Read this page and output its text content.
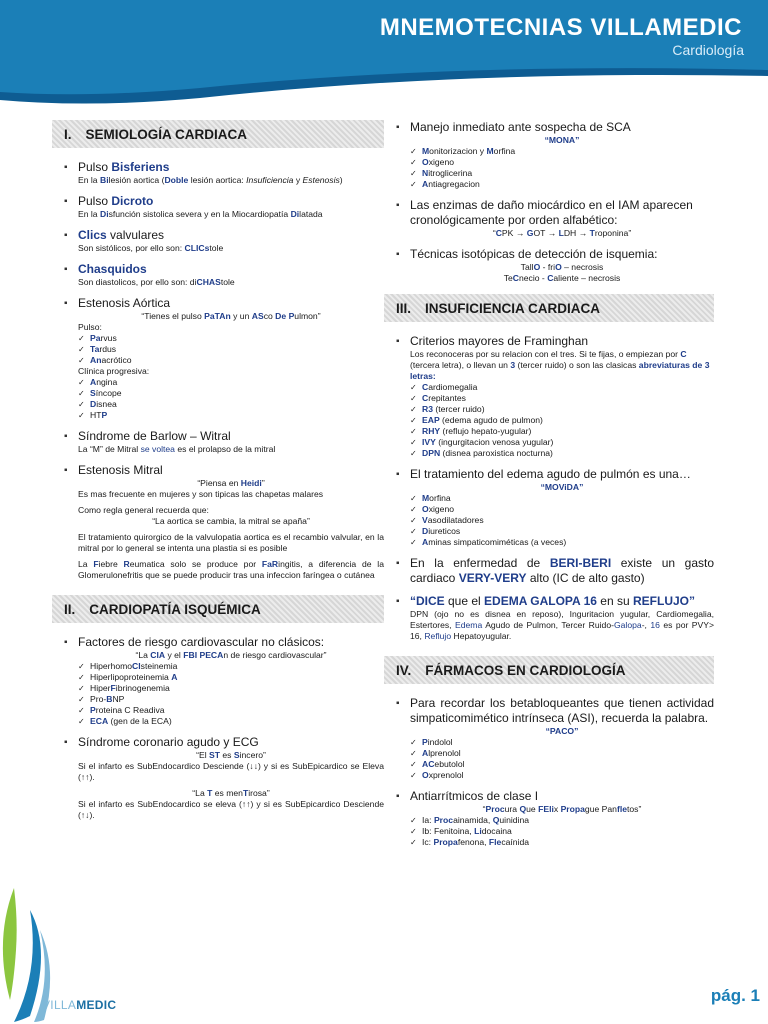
MNEMOTECNIAS VILLAMEDIC
Cardiología
I. SEMIOLOGÍA CARDIACA
▪ Pulso Bisferiens
En la Bilesión aortica (Doble lesión aortica: Insuficiencia y Estenosis)
▪ Pulso Dicroto
En la Disfunción sistolica severa y en la Miocardiopatía Dilatada
▪ Clics valvulares
Son sistólicos, por ello son: CLICstole
▪ Chasquidos
Son diastolicos, por ello son: diCHAStole
▪ Estenosis Aórtica
“Tienes el pulso PaTAn y un ASco De Pulmon”
Pulso:
✓ Parvus
✓ Tardus
✓ Anacrótico
Clínica progresiva:
✓ Angina
✓ Síncope
✓ Disnea
✓ HTP
▪ Síndrome de Barlow – Witral
La “M” de Mitral se voltea es el prolapso de la mitral
▪ Estenosis Mitral
“Piensa en Heidi”
Es mas frecuente en mujeres y son tipicas las chapetas malares
Como regla general recuerda que:
“La aortica se cambia, la mitral se apaña”
El tratamiento quirorgico de la valvulopatia aortica es el recambio valvular, en la mitral por lo general se intenta una plastia si es posible
La Fiebre Reumatica solo se produce por FaRingitis, a diferencia de la Glomerulonefritis que se puede producir tras una infeccion faríngea o cutánea
II. CARDIOPATÍA ISQUÉMICA
▪ Factores de riesgo cardiovascular no clásicos:
“La CIA y el FBI PECAn de riesgo cardiovascular”
✓ HiperhomoCIsteinemia
✓ Hiperlipoproteinemia A
✓ HiperFibrinogenemia
✓ Pro-BNP
✓ Proteina C Readiva
✓ ECA (gen de la ECA)
▪ Síndrome coronario agudo y ECG
“El ST es Sincero”
Si el infarto es SubEndocardico Desciende (↓↓) y si es SubEpicardico se Eleva (↑↑).
“La T es menTirosa”
Si el infarto es SubEndocardico se eleva (↑↑) y si es SubEpicardico Desciende (↑↓).
▪ Manejo inmediato ante sospecha de SCA
“MONA”
✓ Monitorizacion y Morfina
✓ Oxigeno
✓ Nitroglicerina
✓ Antiagregacion
▪ Las enzimas de daño miocárdico en el IAM aparecen cronológicamente por orden alfabético:
“CPK → GOT → LDH → Troponina”
▪ Técnicas isotópicas de detección de isquemia:
TallO - friO – necrosis
TeCnecio - Caliente – necrosis
III. INSUFICIENCIA CARDIACA
▪ Criterios mayores de Framinghan
Los reconoceras por su relacion con el tres. Si te fijas, o empiezan por C (tercera letra), o llevan un 3 (tercer ruido) o son las clasicas abreviaturas de 3 letras:
✓ Cardiomegalia
✓ Crepitantes
✓ R3 (tercer ruido)
✓ EAP (edema agudo de pulmon)
✓ RHY (reflujo hepato-yugular)
✓ IVY (ingurgitacion venosa yugular)
✓ DPN (disnea paroxistica nocturna)
▪ El tratamiento del edema agudo de pulmón es una…
“MOViDA”
✓ Morfina
✓ Oxigeno
✓ Vasodilatadores
✓ Diureticos
✓ Aminas simpaticomiméticas (a veces)
▪ En la enfermedad de BERI-BERI existe un gasto cardiaco VERY-VERY alto (IC de alto gasto)
▪ “DICE que el EDEMA GALOPA 16 en su REFLUJO”
DPN (ojo no es disnea en reposo), Inguritacion yugular, Cardiomegalia, Estertores, Edema Agudo de Pulmon, Tercer Ruido-Galopa-, 16 es por PVY> 16, Reflujo Hepatoyugular.
IV. FÁRMACOS EN CARDIOLOGÍA
▪ Para recordar los betabloqueantes que tienen actividad simpaticomimético intrínseca (ASI), recuerda la palabra.
“PACO”
✓ Pindolol
✓ Alprenolol
✓ ACebutolol
✓ Oxprenolol
▪ Antiarrítmicos de clase I
“Procura Que FElix Propague Panfletos”
✓ Ia: Procainamida, Quinidina
✓ Ib: Fenitoina, Lidocaina
✓ Ic: Propafenona, Flecaínida
VILLAMEDIC	pág. 1
